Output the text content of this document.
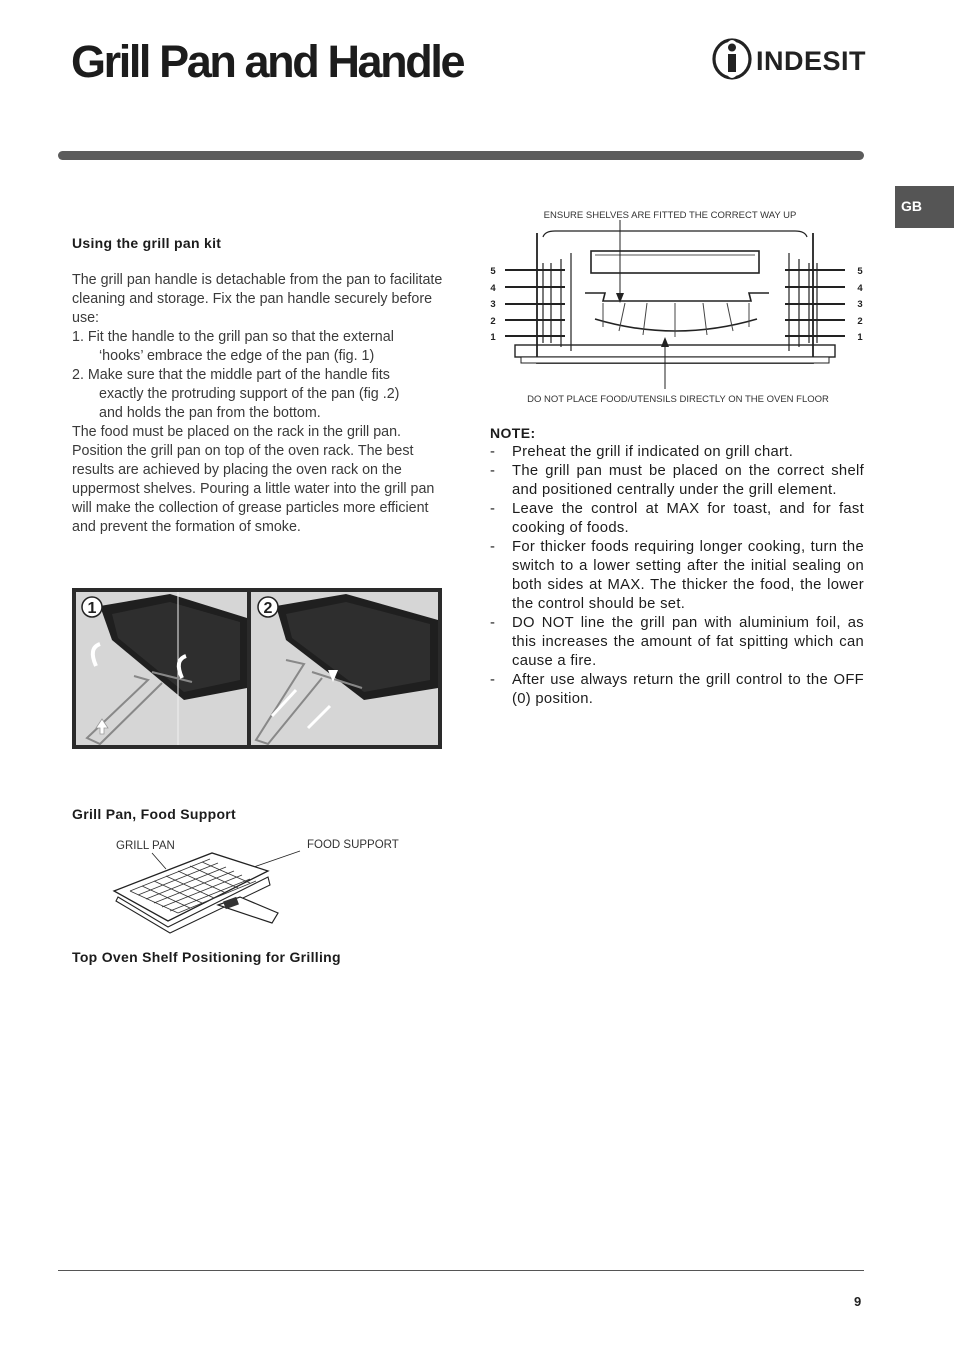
Grill Pan and Handle	INDESIT
GB
Using the grill pan kit

The grill pan handle is detachable from the pan to facilitate cleaning and storage. Fix the pan handle securely before use:

1. Fit the handle to the grill pan so that the external

‘hooks’ embrace the edge of the pan (fig. 1)

2. Make sure that the middle part of the handle fits

exactly the protruding support of the pan (fig .2)

and holds the pan from the bottom.

The food must be placed on the rack in the grill pan. Position the grill pan on top of the oven rack. The best results are achieved by placing the oven rack on the uppermost shelves. Pouring a little water into the grill pan will make the collection of grease particles more efficient and prevent the formation of smoke.

1	2
ENSURE SHELVES ARE FITTED THE CORRECT WAY UP
5
4
3
2
1
5
4
3
2
1
DO NOT PLACE FOOD/UTENSILS DIRECTLY ON THE OVEN FLOOR
NOTE:
- Preheat the grill if indicated on grill chart.
- The grill pan must be placed on the correct shelf and positioned centrally under the grill element.
- Leave the control at MAX for toast, and for fast cooking of foods.
- For thicker foods requiring longer cooking, turn the switch to a lower setting after the initial sealing on both sides at MAX. The thicker the food, the lower the control should be set.
- DO NOT line the grill pan with aluminium foil, as this increases the amount of fat spitting which can cause a fire.
- After use always return the grill control to the OFF (0) position.
Grill Pan, Food Support
GRILL PAN	FOOD SUPPORT
Top Oven Shelf Positioning for Grilling
9
